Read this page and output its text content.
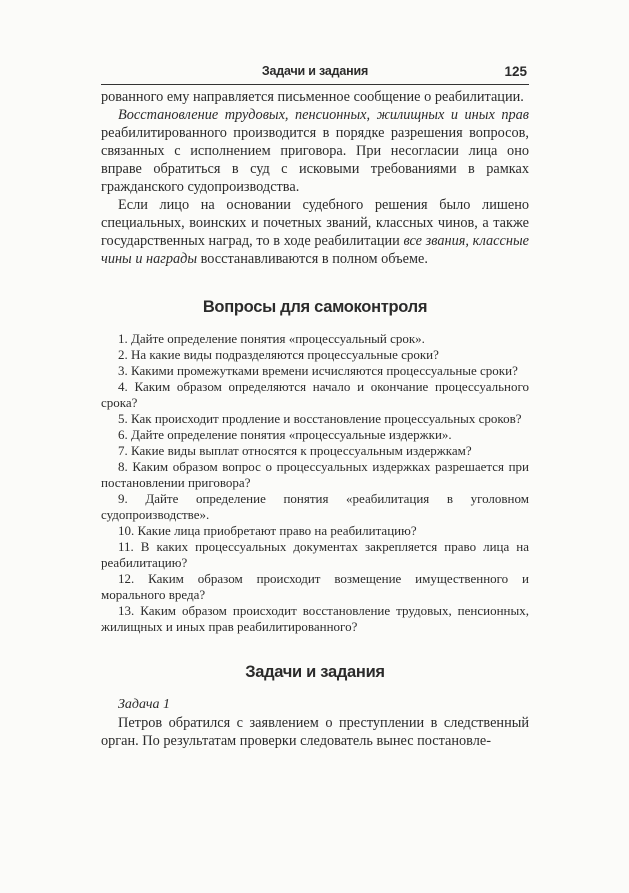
Задачи и задания	125

рованного ему направляется письменное сообщение о реабилитации.

Восстановление трудовых, пенсионных, жилищных и иных прав реабилитированного производится в порядке разрешения вопросов, связанных с исполнением приговора. При несогласии лица оно вправе обратиться в суд с исковыми требованиями в рамках гражданского судопроизводства.

Если лицо на основании судебного решения было лишено специальных, воинских и почетных званий, классных чинов, а также государственных наград, то в ходе реабилитации все звания, классные чины и награды восстанавливаются в полном объеме.

Вопросы для самоконтроля

1. Дайте определение понятия «процессуальный срок».

2. На какие виды подразделяются процессуальные сроки?

3. Какими промежутками времени исчисляются процессуальные сроки?

4. Каким образом определяются начало и окончание процессуального срока?

5. Как происходит продление и восстановление процессуальных сроков?

6. Дайте определение понятия «процессуальные издержки».

7. Какие виды выплат относятся к процессуальным издержкам?

8. Каким образом вопрос о процессуальных издержках разрешается при постановлении приговора?

9. Дайте определение понятия «реабилитация в уголовном судопроизводстве».

10. Какие лица приобретают право на реабилитацию?

11. В каких процессуальных документах закрепляется право лица на реабилитацию?

12. Каким образом происходит возмещение имущественного и морального вреда?

13. Каким образом происходит восстановление трудовых, пенсионных, жилищных и иных прав реабилитированного?

Задачи и задания

Задача 1

Петров обратился с заявлением о преступлении в следственный орган. По результатам проверки следователь вынес постановле-
